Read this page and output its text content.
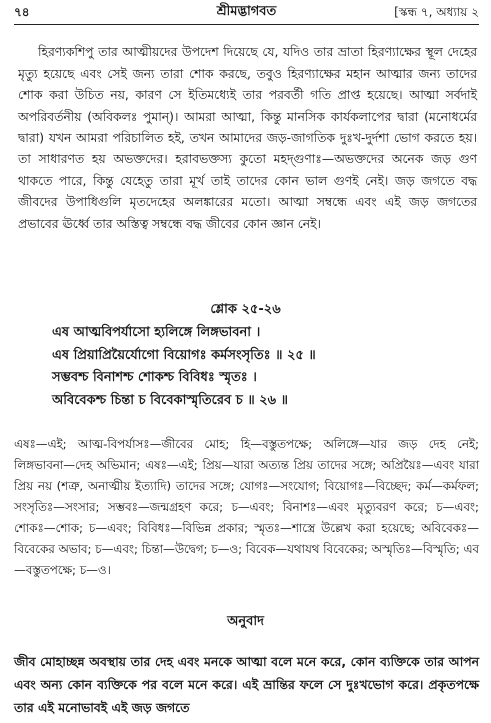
৭৪	শ্রীমদ্ভাগবত	[স্কন্ধ ৭, অধ্যায় ২

হিরণ্যকশিপু তার আত্মীয়দের উপদেশ দিয়েছে যে, যদিও তার ভ্রাতা হিরণ্যাক্ষের স্থূল দেহের মৃত্যু হয়েছে এবং সেই জন্য তারা শোক করছে, তবুও হিরণ্যাক্ষের মহান আত্মার জন্য তাদের শোক করা উচিত নয়, কারণ সে ইতিমধ্যেই তার পরবর্তী গতি প্রাপ্ত হয়েছে। আত্মা সর্বদাই অপরিবর্তনীয় (অবিকলঃ পুমান্)। আমরা আত্মা, কিন্তু মানসিক কার্যকলাপের দ্বারা (মনোধর্মের দ্বারা) যখন আমরা পরিচালিত হই, তখন আমাদের জড়-জাগতিক দুঃখ-দুর্দশা ভোগ করতে হয়। তা সাধারণত হয় অভক্তদের। হরাবভক্তস্য কুতো মহদ্গুণাঃ—অভক্তদের অনেক জড় গুণ থাকতে পারে, কিন্তু যেহেতু তারা মূর্খ তাই তাদের কোন ভাল গুণই নেই। জড় জগতে বদ্ধ জীবদের উপাধিগুলি মৃতদেহের অলঙ্কারের মতো। আত্মা সম্বন্ধে এবং এই জড় জগতের প্রভাবের ঊর্ধ্বে তার অস্তিত্ব সম্বন্ধে বদ্ধ জীবের কোন জ্ঞান নেই।

শ্লোক ২৫-২৬
এষ আত্মবিপর্যাসো হ্যলিঙ্গে লিঙ্গভাবনা ।
এষ প্রিয়াপ্রিয়ৈর্যোগো বিয়োগঃ কর্মসংসৃতিঃ ॥ ২৫ ॥
সম্ভবশ্চ বিনাশশ্চ শোকশ্চ বিবিধঃ স্মৃতঃ ।
অবিবেকশ্চ চিন্তা চ বিবেকাস্মৃতিরেব চ ॥ ২৬ ॥

এষঃ—এই; আত্ম-বিপর্যাসঃ—জীবের মোহ; হি—বস্তুতপক্ষে; অলিঙ্গে—যার জড় দেহ নেই; লিঙ্গভাবনা—দেহ অভিমান; এষঃ—এই; প্রিয়—যারা অত্যন্ত প্রিয় তাদের সঙ্গে; অপ্রিয়ৈঃ—এবং যারা প্রিয় নয় (শত্রু, অনাত্মীয় ইত্যাদি) তাদের সঙ্গে; যোগঃ—সংযোগ; বিয়োগঃ—বিচ্ছেদ; কর্ম—কর্মফল; সংসৃতিঃ—সংসার; সম্ভবঃ—জন্মগ্রহণ করে; চ—এবং; বিনাশঃ—এবং মৃত্যুবরণ করে; চ—এবং; শোকঃ—শোক; চ—এবং; বিবিধঃ—বিভিন্ন প্রকার; স্মৃতঃ—শাস্ত্রে উল্লেখ করা হয়েছে; অবিবেকঃ—বিবেকের অভাব; চ—এবং; চিন্তা—উদ্বেগ; চ—ও; বিবেক—যথাযথ বিবেকের; অস্মৃতিঃ—বিস্মৃতি; এব—বস্তুতপক্ষে; চ—ও।

অনুবাদ

জীব মোহাচ্ছন্ন অবস্থায় তার দেহ এবং মনকে আত্মা বলে মনে করে, কোন ব্যক্তিকে তার আপন এবং অন্য কোন ব্যক্তিকে পর বলে মনে করে। এই ভ্রান্তির ফলে সে দুঃখভোগ করে। প্রকৃতপক্ষে তার এই মনোভাবই এই জড় জগতে
